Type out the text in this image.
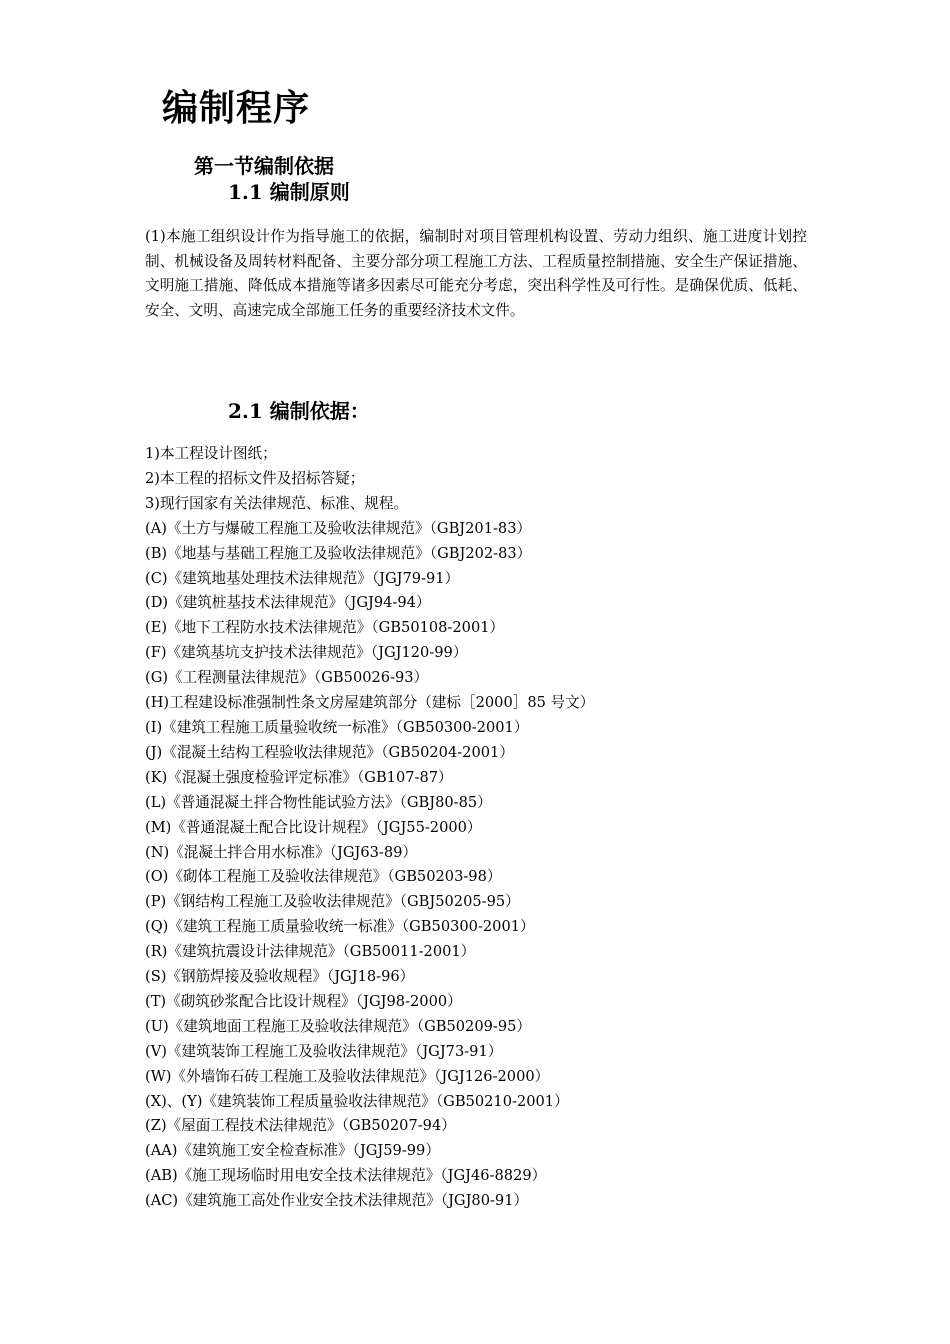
编制程序
第一节编制依据
1.1 编制原则

(1)本施工组织设计作为指导施工的依据，编制时对项目管理机构设置、劳动力组织、施工进度计划控制、机械设备及周转材料配备、主要分部分项工程施工方法、工程质量控制措施、安全生产保证措施、文明施工措施、降低成本措施等诸多因素尽可能充分考虑，突出科学性及可行性。是确保优质、低耗、安全、文明、高速完成全部施工任务的重要经济技术文件。

2.1 编制依据：
1)本工程设计图纸；
2)本工程的招标文件及招标答疑；
3)现行国家有关法律规范、标准、规程。
(A)《土方与爆破工程施工及验收法律规范》（GBJ201-83）
(B)《地基与基础工程施工及验收法律规范》（GBJ202-83）
(C)《建筑地基处理技术法律规范》（JGJ79-91）
(D)《建筑桩基技术法律规范》（JGJ94-94）
(E)《地下工程防水技术法律规范》（GB50108-2001）
(F)《建筑基坑支护技术法律规范》（JGJ120-99）
(G)《工程测量法律规范》（GB50026-93）
(H)工程建设标准强制性条文房屋建筑部分（建标［2000］85 号文）
(I)《建筑工程施工质量验收统一标准》（GB50300-2001）
(J)《混凝土结构工程验收法律规范》（GB50204-2001）
(K)《混凝土强度检验评定标准》（GB107-87）
(L)《普通混凝土拌合物性能试验方法》（GBJ80-85）
(M)《普通混凝土配合比设计规程》（JGJ55-2000）
(N)《混凝土拌合用水标准》（JGJ63-89）
(O)《砌体工程施工及验收法律规范》（GB50203-98）
(P)《钢结构工程施工及验收法律规范》（GBJ50205-95）
(Q)《建筑工程施工质量验收统一标准》（GB50300-2001）
(R)《建筑抗震设计法律规范》（GB50011-2001）
(S)《钢筋焊接及验收规程》（JGJ18-96）
(T)《砌筑砂浆配合比设计规程》（JGJ98-2000）
(U)《建筑地面工程施工及验收法律规范》（GB50209-95）
(V)《建筑装饰工程施工及验收法律规范》（JGJ73-91）
(W)《外墙饰石砖工程施工及验收法律规范》（JGJ126-2000）
(X)、(Y)《建筑装饰工程质量验收法律规范》（GB50210-2001）
(Z)《屋面工程技术法律规范》（GB50207-94）
(AA)《建筑施工安全检查标准》（JGJ59-99）
(AB)《施工现场临时用电安全技术法律规范》（JGJ46-8829）
(AC)《建筑施工高处作业安全技术法律规范》（JGJ80-91）
